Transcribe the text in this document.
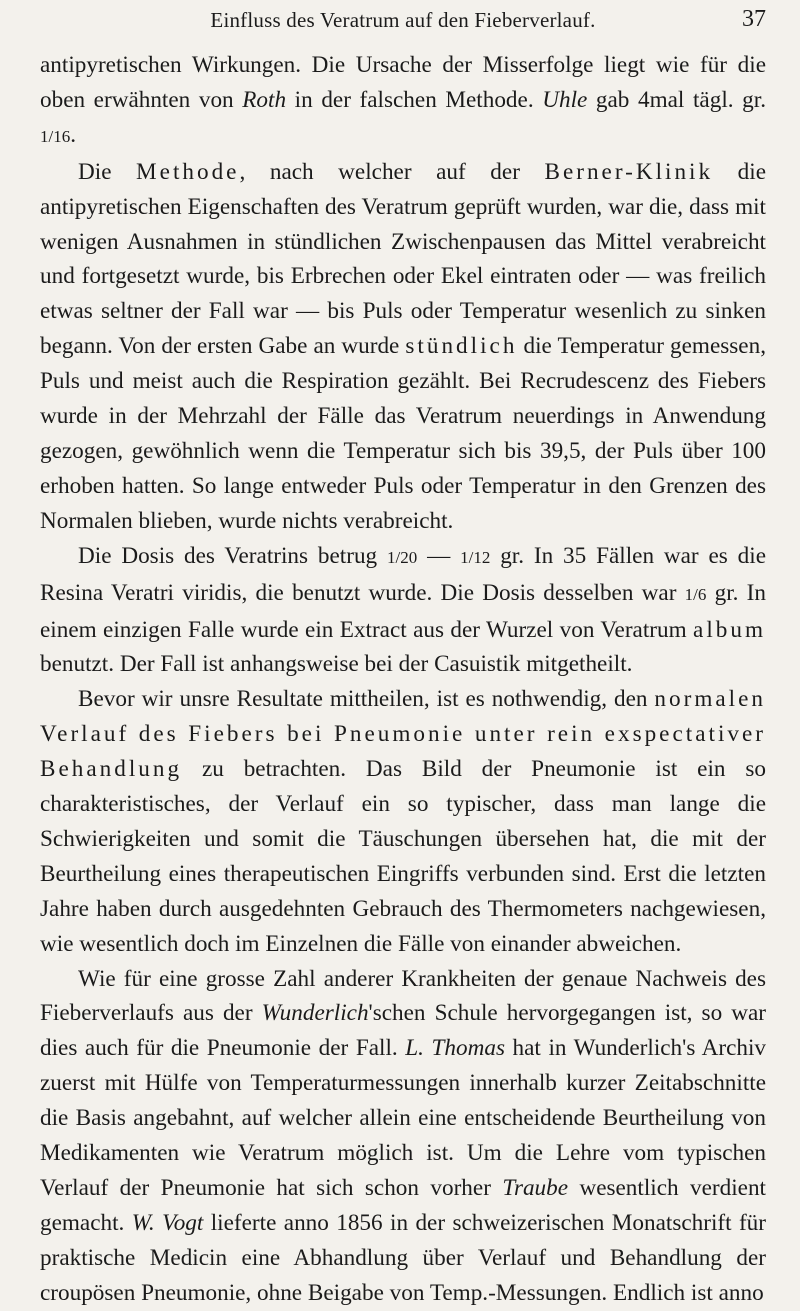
Einfluss des Veratrum auf den Fieberverlauf.	37

antipyretischen Wirkungen. Die Ursache der Misserfolge liegt wie für die oben erwähnten von Roth in der falschen Methode. Uhle gab 4mal tägl. gr. 1/16.

Die Methode, nach welcher auf der Berner-Klinik die antipyretischen Eigenschaften des Veratrum geprüft wurden, war die, dass mit wenigen Ausnahmen in stündlichen Zwischenpausen das Mittel verabreicht und fortgesetzt wurde, bis Erbrechen oder Ekel eintraten oder — was freilich etwas seltner der Fall war — bis Puls oder Temperatur wesenlich zu sinken begann. Von der ersten Gabe an wurde stündlich die Temperatur gemessen, Puls und meist auch die Respiration gezählt. Bei Recrudescenz des Fiebers wurde in der Mehrzahl der Fälle das Veratrum neuerdings in Anwendung gezogen, gewöhnlich wenn die Temperatur sich bis 39,5, der Puls über 100 erhoben hatten. So lange entweder Puls oder Temperatur in den Grenzen des Normalen blieben, wurde nichts verabreicht.

Die Dosis des Veratrins betrug 1/20 — 1/12 gr. In 35 Fällen war es die Resina Veratri viridis, die benutzt wurde. Die Dosis desselben war 1/6 gr. In einem einzigen Falle wurde ein Extract aus der Wurzel von Veratrum album benutzt. Der Fall ist anhangsweise bei der Casuistik mitgetheilt.

Bevor wir unsre Resultate mittheilen, ist es nothwendig, den normalen Verlauf des Fiebers bei Pneumonie unter rein exspectativer Behandlung zu betrachten. Das Bild der Pneumonie ist ein so charakteristisches, der Verlauf ein so typischer, dass man lange die Schwierigkeiten und somit die Täuschungen übersehen hat, die mit der Beurtheilung eines therapeutischen Eingriffs verbunden sind. Erst die letzten Jahre haben durch ausgedehnten Gebrauch des Thermometers nachgewiesen, wie wesentlich doch im Einzelnen die Fälle von einander abweichen.

Wie für eine grosse Zahl anderer Krankheiten der genaue Nachweis des Fieberverlaufs aus der Wunderlich'schen Schule hervorgegangen ist, so war dies auch für die Pneumonie der Fall. L. Thomas hat in Wunderlich's Archiv zuerst mit Hülfe von Temperaturmessungen innerhalb kurzer Zeitabschnitte die Basis angebahnt, auf welcher allein eine entscheidende Beurtheilung von Medikamenten wie Veratrum möglich ist. Um die Lehre vom typischen Verlauf der Pneumonie hat sich schon vorher Traube wesentlich verdient gemacht. W. Vogt lieferte anno 1856 in der schweizerischen Monatschrift für praktische Medicin eine Abhandlung über Verlauf und Behandlung der croupösen Pneumonie, ohne Beigabe von Temp.-Messungen. Endlich ist anno
